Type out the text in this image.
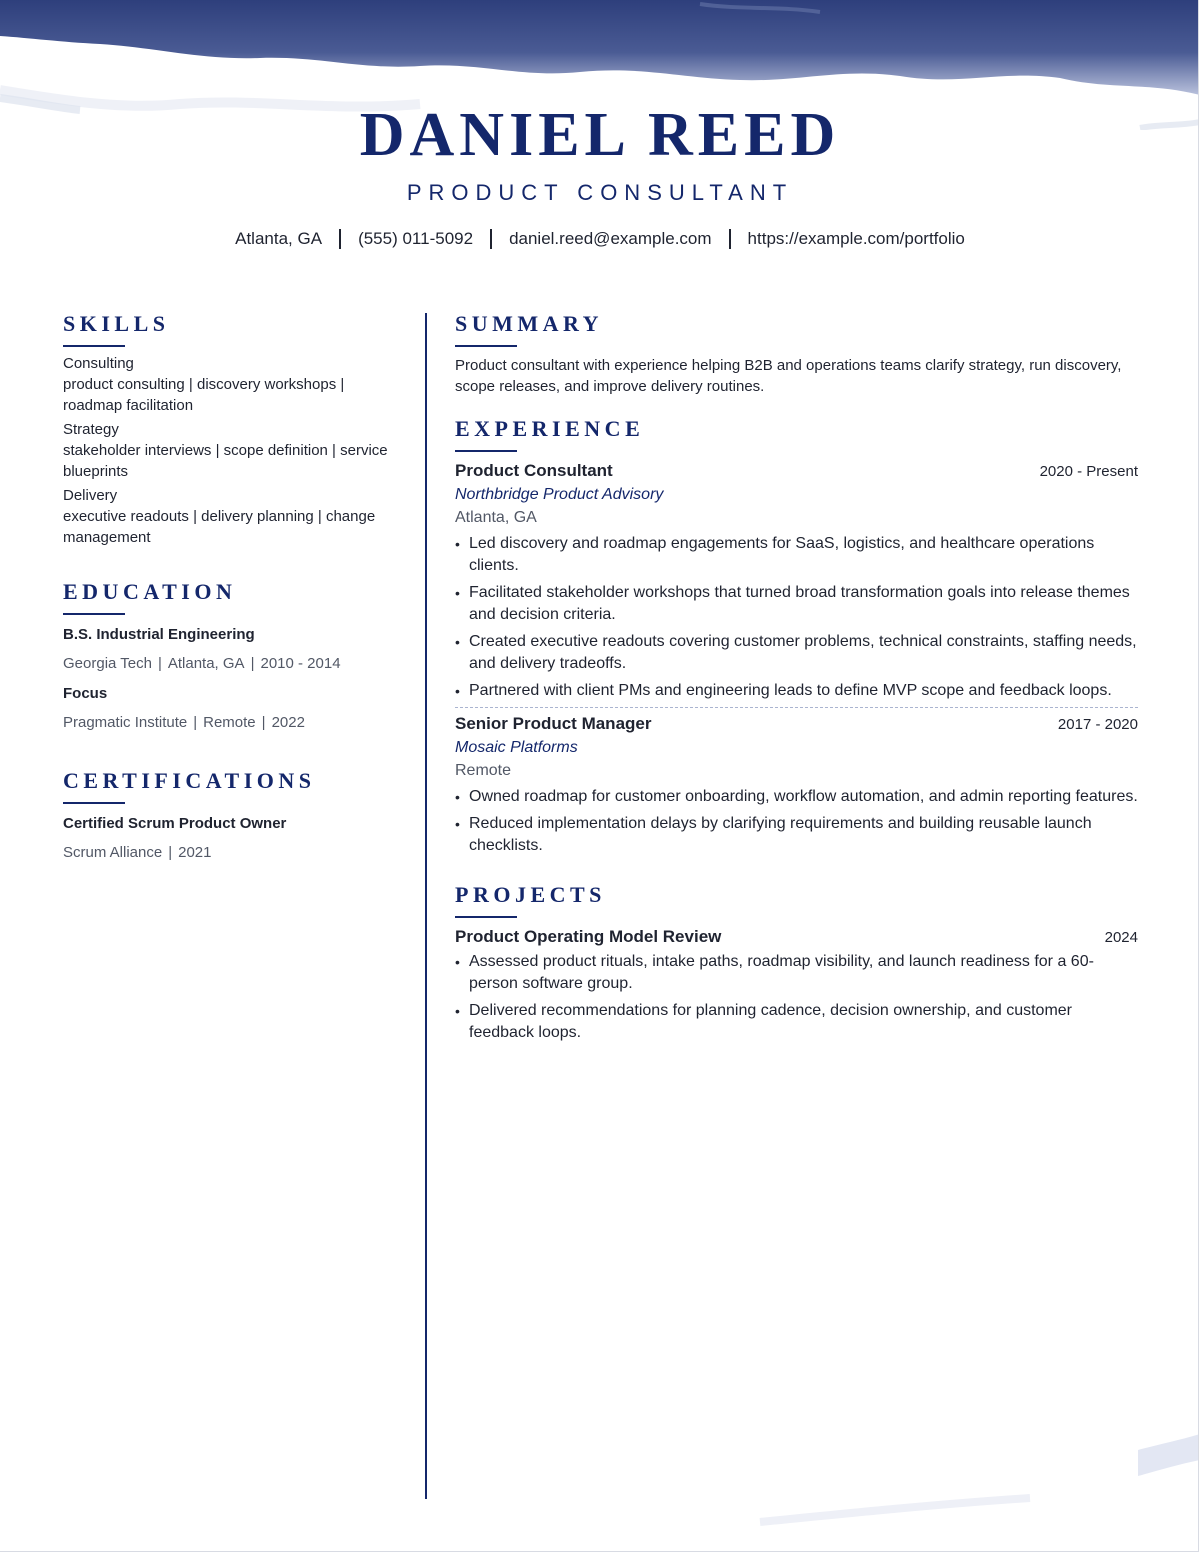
DANIEL REED
PRODUCT CONSULTANT
Atlanta, GA (555) 011-5092 daniel.reed@example.com https://example.com/portfolio
SKILLS
Consulting
product consulting | discovery workshops | roadmap facilitation
Strategy
stakeholder interviews | scope definition | service blueprints
Delivery
executive readouts | delivery planning | change management
EDUCATION
B.S. Industrial Engineering
Georgia Tech | Atlanta, GA | 2010 - 2014
Focus
Pragmatic Institute | Remote | 2022
CERTIFICATIONS
Certified Scrum Product Owner
Scrum Alliance | 2021
SUMMARY
Product consultant with experience helping B2B and operations teams clarify strategy, run discovery, scope releases, and improve delivery routines.
EXPERIENCE
Product Consultant	2020 - Present
Northbridge Product Advisory
Atlanta, GA
• Led discovery and roadmap engagements for SaaS, logistics, and healthcare operations clients.
• Facilitated stakeholder workshops that turned broad transformation goals into release themes and decision criteria.
• Created executive readouts covering customer problems, technical constraints, staffing needs, and delivery tradeoffs.
• Partnered with client PMs and engineering leads to define MVP scope and feedback loops.
Senior Product Manager	2017 - 2020
Mosaic Platforms
Remote
• Owned roadmap for customer onboarding, workflow automation, and admin reporting features.
• Reduced implementation delays by clarifying requirements and building reusable launch checklists.
PROJECTS
Product Operating Model Review	2024
• Assessed product rituals, intake paths, roadmap visibility, and launch readiness for a 60-person software group.
• Delivered recommendations for planning cadence, decision ownership, and customer feedback loops.
